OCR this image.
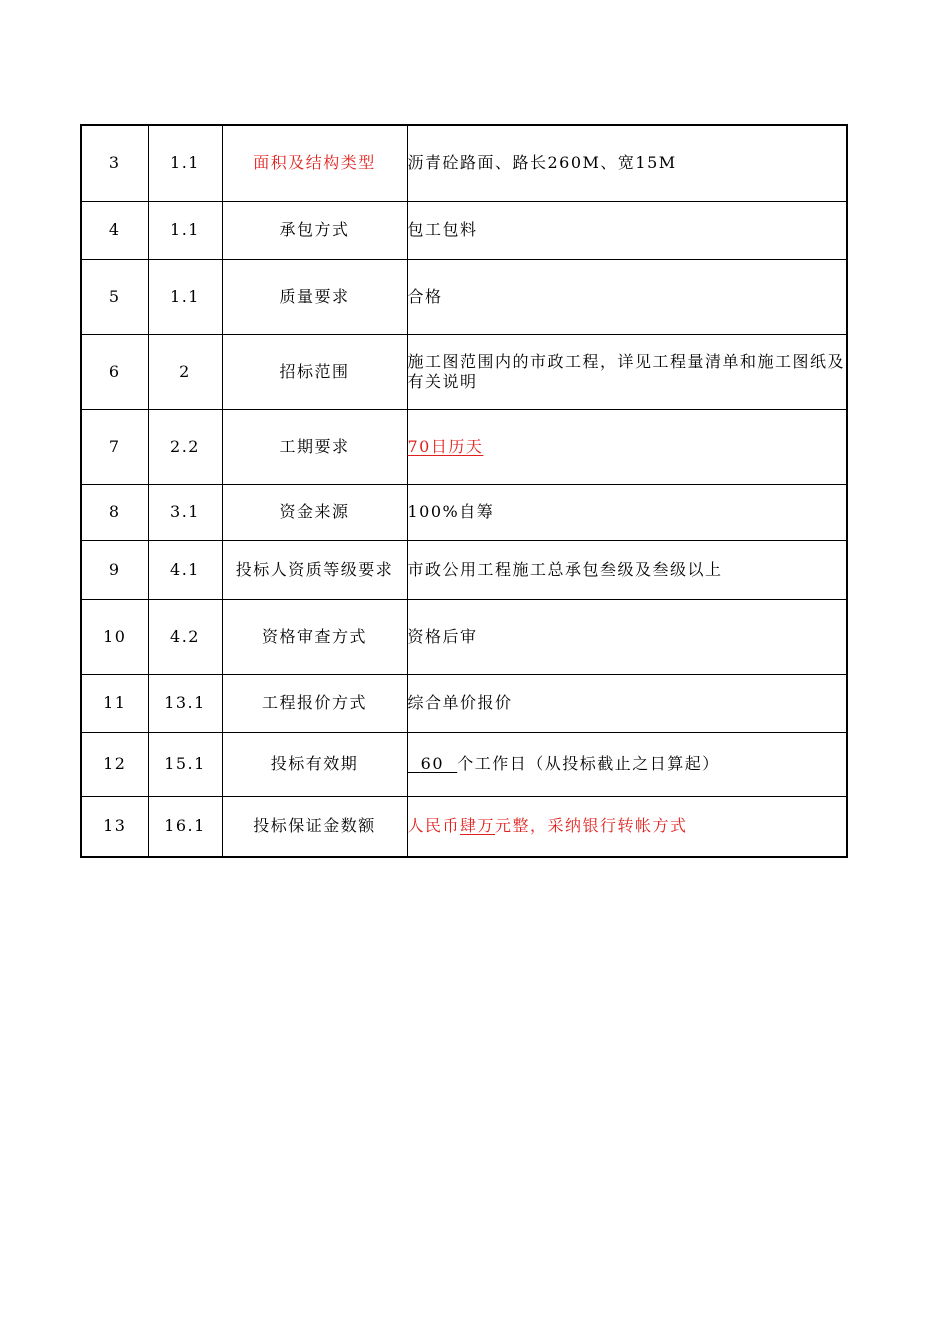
3	1.1	面积及结构类型	沥青砼路面、路长260M、宽15M
4	1.1	承包方式	包工包料
5	1.1	质量要求	合格
6	2	招标范围	施工图范围内的市政工程，详见工程量清单和施工图纸及有关说明
7	2.2	工期要求	70日历天
8	3.1	资金来源	100%自筹
9	4.1	投标人资质等级要求	市政公用工程施工总承包叁级及叁级以上
10	4.2	资格审查方式	资格后审
11	13.1	工程报价方式	综合单价报价
12	15.1	投标有效期	60 个工作日（从投标截止之日算起）
13	16.1	投标保证金数额	人民币肆万元整，采纳银行转帐方式
